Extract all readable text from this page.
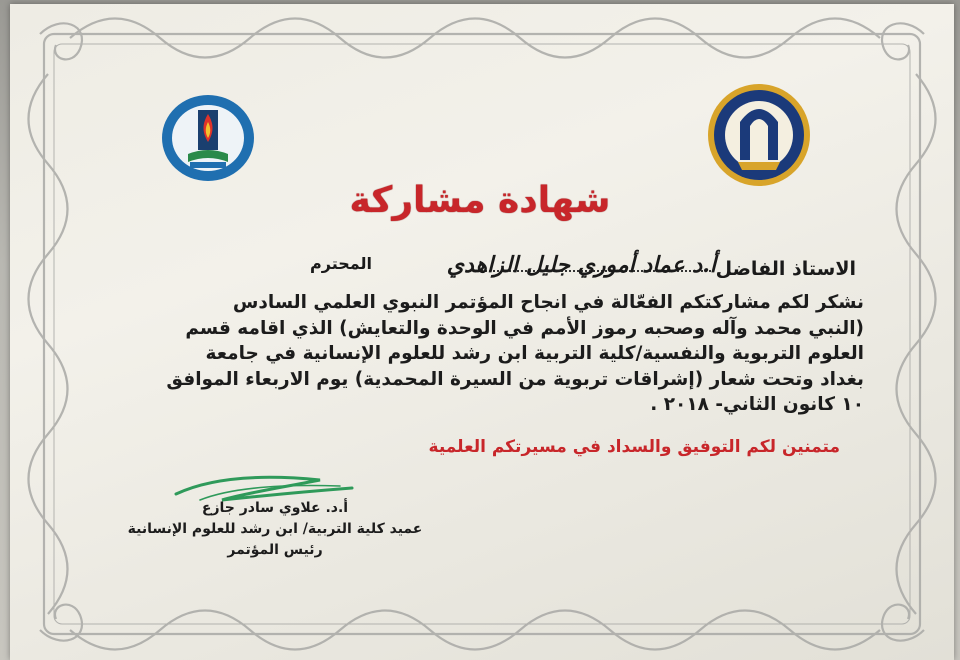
شهادة مشاركة
الاستاذ الفاضل
أ.د عماد أموري جليل الزاهدي
المحترم
نشكر لكم مشاركتكم الفعّالة في انجاح المؤتمر النبوي العلمي السادس
(النبي محمد وآله وصحبه رموز الأمم في الوحدة والتعايش) الذي اقامه قسم
العلوم التربوية والنفسية/كلية التربية ابن رشد للعلوم الإنسانية في جامعة
بغداد وتحت شعار (إشراقات تربوية من السيرة المحمدية) يوم الاربعاء الموافق
١٠ كانون الثاني- ٢٠١٨ .
متمنين لكم التوفيق والسداد في مسيرتكم العلمية
أ.د. علاوي سادر جازع
عميد كلية التربية/ ابن رشد للعلوم الإنسانية
رئيس المؤتمر
